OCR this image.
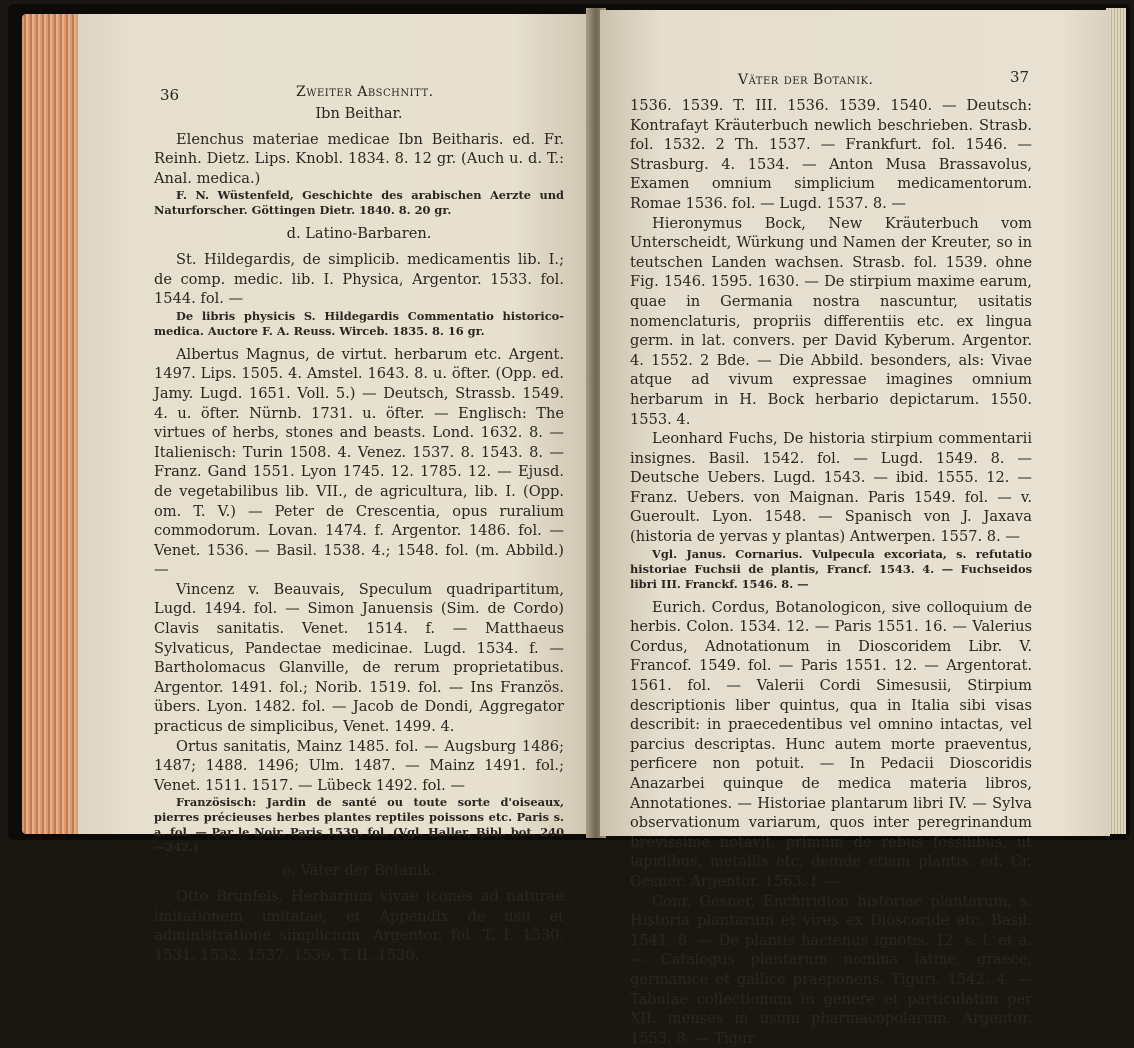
36	Zweiter Abschnitt.

Ibn Beithar.

Elenchus materiae medicae Ibn Beitharis. ed. Fr. Reinh. Dietz. Lips. Knobl. 1834. 8. 12 gr. (Auch u. d. T.: Anal. medica.)

F. N. Wüstenfeld, Geschichte des arabischen Aerzte und Naturforscher. Göttingen Dietr. 1840. 8. 20 gr.

d. Latino-Barbaren.

St. Hildegardis, de simplicib. medicamentis lib. I.; de comp. medic. lib. I. Physica, Argentor. 1533. fol. 1544. fol. —

De libris physicis S. Hildegardis Commentatio historico-medica. Auctore F. A. Reuss. Wirceb. 1835. 8. 16 gr.

Albertus Magnus, de virtut. herbarum etc. Argent. 1497. Lips. 1505. 4. Amstel. 1643. 8. u. öfter. (Opp. ed. Jamy. Lugd. 1651. Voll. 5.) — Deutsch, Strassb. 1549. 4. u. öfter. Nürnb. 1731. u. öfter. — Englisch: The virtues of herbs, stones and beasts. Lond. 1632. 8. — Italienisch: Turin 1508. 4. Venez. 1537. 8. 1543. 8. — Franz. Gand 1551. Lyon 1745. 12. 1785. 12. — Ejusd. de vegetabilibus lib. VII., de agricultura, lib. I. (Opp. om. T. V.) — Peter de Crescentia, opus ruralium commodorum. Lovan. 1474. f. Argentor. 1486. fol. — Venet. 1536. — Basil. 1538. 4.; 1548. fol. (m. Abbild.) —

Vincenz v. Beauvais, Speculum quadripartitum, Lugd. 1494. fol. — Simon Januensis (Sim. de Cordo) Clavis sanitatis. Venet. 1514. f. — Matthaeus Sylvaticus, Pandectae medicinae. Lugd. 1534. f. — Bartholomacus Glanville, de rerum proprietatibus. Argentor. 1491. fol.; Norib. 1519. fol. — Ins Französ. übers. Lyon. 1482. fol. — Jacob de Dondi, Aggregator practicus de simplicibus, Venet. 1499. 4.

Ortus sanitatis, Mainz 1485. fol. — Augsburg 1486; 1487; 1488. 1496; Ulm. 1487. — Mainz 1491. fol.; Venet. 1511. 1517. — Lübeck 1492. fol. —

Französisch: Jardin de santé ou toute sorte d'oiseaux, pierres précieuses herbes plantes reptiles poissons etc. Paris s. a. fol. — Par le Noir. Paris 1539. fol. (Vgl. Haller, Bibl. bot. 240—242.)

e. Väter der Botanik.

Otto Brunfels, Herbarium vivae icones ad naturae imitationem imitatae, et Appendix de usu et administratione simplicium. Argentor. fol. T. I. 1530. 1531. 1532. 1537. 1539. T. II. 1530.

Väter der Botanik.	37

1536. 1539. T. III. 1536. 1539. 1540. — Deutsch: Kontrafayt Kräuterbuch newlich beschrieben. Strasb. fol. 1532. 2 Th. 1537. — Frankfurt. fol. 1546. — Strasburg. 4. 1534. — Anton Musa Brassavolus, Examen omnium simplicium medicamentorum. Romae 1536. fol. — Lugd. 1537. 8. —

Hieronymus Bock, New Kräuterbuch vom Unterscheidt, Würkung und Namen der Kreuter, so in teutschen Landen wachsen. Strasb. fol. 1539. ohne Fig. 1546. 1595. 1630. — De stirpium maxime earum, quae in Germania nostra nascuntur, usitatis nomenclaturis, propriis differentiis etc. ex lingua germ. in lat. convers. per David Kyberum. Argentor. 4. 1552. 2 Bde. — Die Abbild. besonders, als: Vivae atque ad vivum expressae imagines omnium herbarum in H. Bock herbario depictarum. 1550. 1553. 4.

Leonhard Fuchs, De historia stirpium commentarii insignes. Basil. 1542. fol. — Lugd. 1549. 8. — Deutsche Uebers. Lugd. 1543. — ibid. 1555. 12. — Franz. Uebers. von Maignan. Paris 1549. fol. — v. Gueroult. Lyon. 1548. — Spanisch von J. Jaxava (historia de yervas y plantas) Antwerpen. 1557. 8. —

Vgl. Janus. Cornarius. Vulpecula excoriata, s. refutatio historiae Fuchsii de plantis, Francf. 1543. 4. — Fuchseidos libri III. Franckf. 1546. 8. —

Eurich. Cordus, Botanologicon, sive colloquium de herbis. Colon. 1534. 12. — Paris 1551. 16. — Valerius Cordus, Adnotationum in Dioscoridem Libr. V. Francof. 1549. fol. — Paris 1551. 12. — Argentorat. 1561. fol. — Valerii Cordi Simesusii, Stirpium descriptionis liber quintus, qua in Italia sibi visas describit: in praecedentibus vel omnino intactas, vel parcius descriptas. Hunc autem morte praeventus, perficere non potuit. — In Pedacii Dioscoridis Anazarbei quinque de medica materia libros, Annotationes. — Historiae plantarum libri IV. — Sylva observationum variarum, quos inter peregrinandum brevissime notavit, primum de rebus fossilibus, ut lapidibus, metallis etc. deinde etiam plantis. ed. Cr. Gesner. Argentor. 1563. f. —

Conr. Gesner, Enchiridion historiae plantarum, s. Historia plantarum et vires ex Dioscoride etc. Basil. 1541. 8. — De plantis hactenus ignotis. 12. s. l. et a. — Catalogus plantarum nomina latine, graece, germanice et gallice praeponens. Tiguri. 1542. 4. — Tabulae collectionum in genere et particulatim per XII. menses in usum pharmacopolarum. Argentor. 1553. 8. — Tigur
